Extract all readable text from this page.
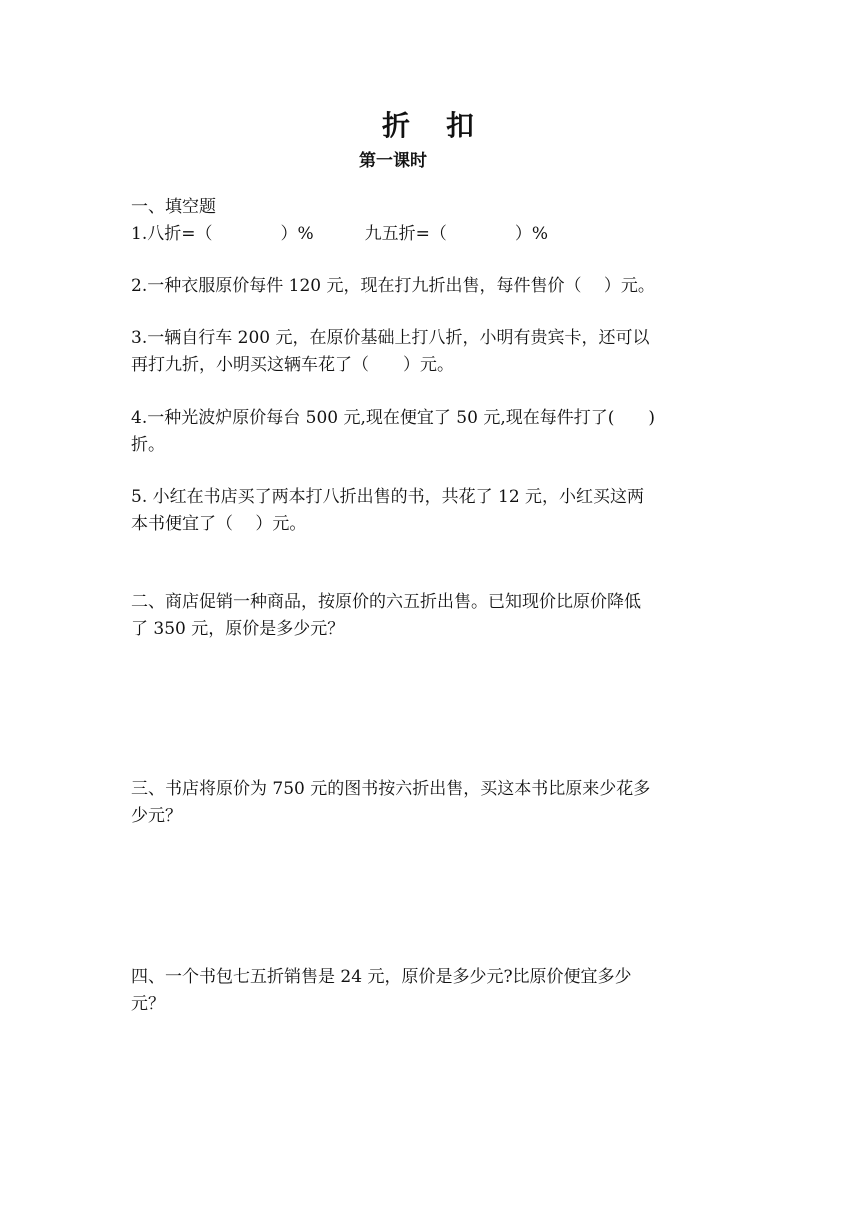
折　扣
第一课时
一、填空题
1.八折=（　　　　）%　　　九五折=（　　　　）%
2.一种衣服原价每件 120 元，现在打九折出售，每件售价（　 ）元。
3.一辆自行车 200 元，在原价基础上打八折，小明有贵宾卡，还可以
再打九折，小明买这辆车花了（　　）元。
4.一种光波炉原价每台 500 元,现在便宜了 50 元,现在每件打了(　　)
折。
5. 小红在书店买了两本打八折出售的书，共花了 12 元，小红买这两
本书便宜了（　 ）元。
二、商店促销一种商品，按原价的六五折出售。已知现价比原价降低
了 350 元，原价是多少元？
三、书店将原价为 750 元的图书按六折出售，买这本书比原来少花多
少元？
四、一个书包七五折销售是 24 元，原价是多少元?比原价便宜多少
元？
